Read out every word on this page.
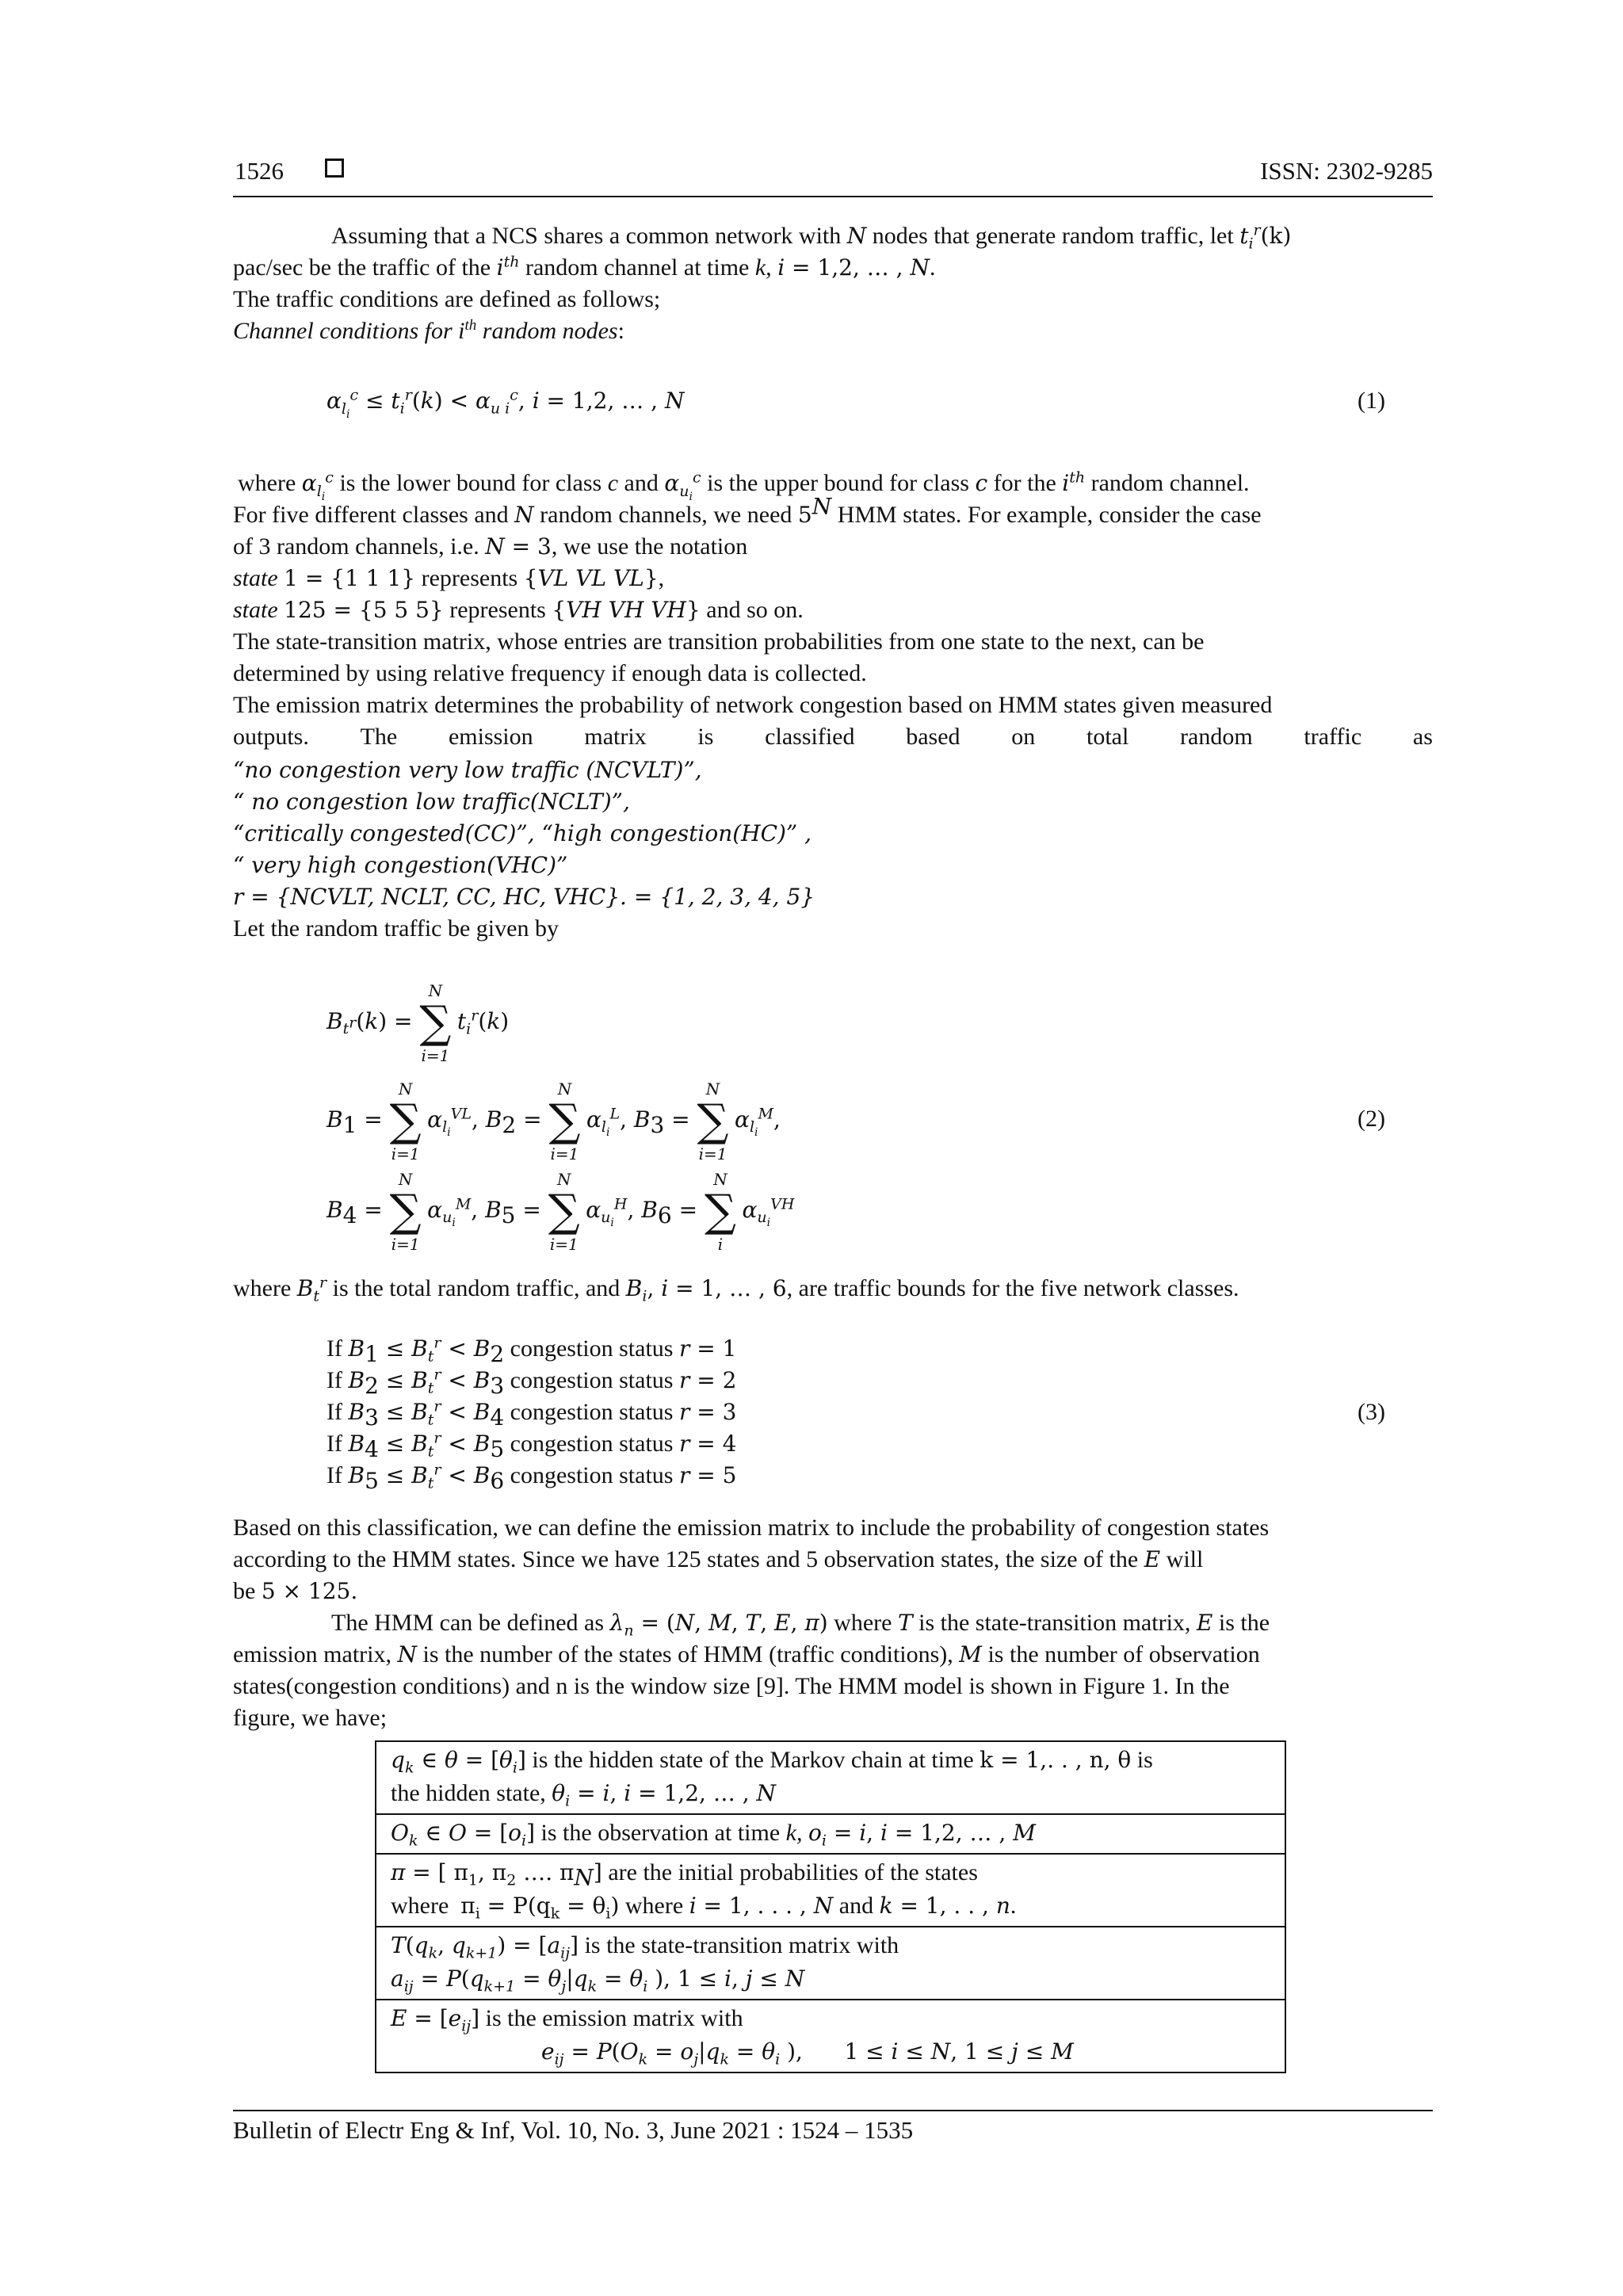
1526	ISSN: 2302-9285
Assuming that a NCS shares a common network with N nodes that generate random traffic, let $t_i^r(k)$
pac/sec be the traffic of the $i^{th}$ random channel at time k, i = 1,2, … , N.
The traffic conditions are defined as follows;
Channel conditions for $i^{th}$ random nodes:
$\alpha_{l_i}^c \le t_i^r(k) < \alpha_{u i}^c$, i = 1,2, … , N	(1)
where $\alpha_{l_i}^c$ is the lower bound for class c and $\alpha_{u_i}^c$ is the upper bound for class c for the $i^{th}$ random channel.
For five different classes and N random channels, we need $5^N$ HMM states. For example, consider the case
of 3 random channels, i.e. N = 3, we use the notation
state 1 = {1 1 1} represents {VL VL VL},
state 125 = {5 5 5} represents {VH VH VH} and so on.
The state-transition matrix, whose entries are transition probabilities from one state to the next, can be
determined by using relative frequency if enough data is collected.
The emission matrix determines the probability of network congestion based on HMM states given measured
outputs. The emission matrix is classified based on total random traffic as
“no congestion very low traffic (NCVLT)”,
“ no congestion low traffic(NCLT)”,
“critically congested(CC)”, “high congestion(HC)” ,
“ very high congestion(VHC)”
r = {NCVLT, NCLT, CC, HC, VHC}. = {1, 2, 3, 4, 5}
Let the random traffic be given by
$B_{t^r}(k)$ =
N
∑
i=1
$t_i^r(k)$
$B_1$ =
N
∑
i=1
$\alpha_{l_i}^{VL}$, $B_2$ =
N
∑
i=1
$\alpha_{l_i}^L$, $B_3$ =
N
∑
i=1
$\alpha_{l_i}^M$,
$B_4$ =
N
∑
i=1
$\alpha_{u_i}^M$, $B_5$ =
N
∑
i=1
$\alpha_{u_i}^H$, $B_6$ =
N
∑
i
$\alpha_{u_i}^{VH}$
(2)
where $B_t^r$ is the total random traffic, and $B_i$, i = 1, … , 6, are traffic bounds for the five network classes.
If $B_1 \le B_t^r < B_2$ congestion status r = 1
If $B_2 \le B_t^r < B_3$ congestion status r = 2
If $B_3 \le B_t^r < B_4$ congestion status r = 3
If $B_4 \le B_t^r < B_5$ congestion status r = 4
If $B_5 \le B_t^r < B_6$ congestion status r = 5
(3)
Based on this classification, we can define the emission matrix to include the probability of congestion states
according to the HMM states. Since we have 125 states and 5 observation states, the size of the E will
be 5 × 125.
The HMM can be defined as $\lambda_n = (N$, M, T, E, π) where T is the state-transition matrix, E is the
emission matrix, N is the number of the states of HMM (traffic conditions), M is the number of observation
states(congestion conditions) and n is the window size [9]. The HMM model is shown in Figure 1. In the
figure, we have;
$q_k$ ∈ $\theta = [\theta_i]$ is the hidden state of the Markov chain at time k = 1,. . , n, θ is
the hidden state, $\theta_i = i$, i = 1,2, … , N
$O_k$ ∈ $O = [o_i]$ is the observation at time k, $o_i = i$, i = 1,2, … , M
π = [ $\pi_1$, $\pi_2$ …. $\pi_N$] are the initial probabilities of the states
where $\pi_i = P(q_k = \theta_i)$ where i = 1, . . . , N and k = 1, . . , n.
$T(q_k$, $q_{k+1}) = [a_{ij}]$ is the state-transition matrix with
$a_{ij} = P(q_{k+1} = \theta_j|q_k = \theta_i$ ), 1 ≤ i, j ≤ N
$E = [e_{ij}]$ is the emission matrix with
$e_{ij} = P(O_k = o_j|q_k = \theta_i$ ), 1 ≤ i ≤ N, 1 ≤ j ≤ M
Bulletin of Electr Eng & Inf, Vol. 10, No. 3, June 2021 : 1524 – 1535
